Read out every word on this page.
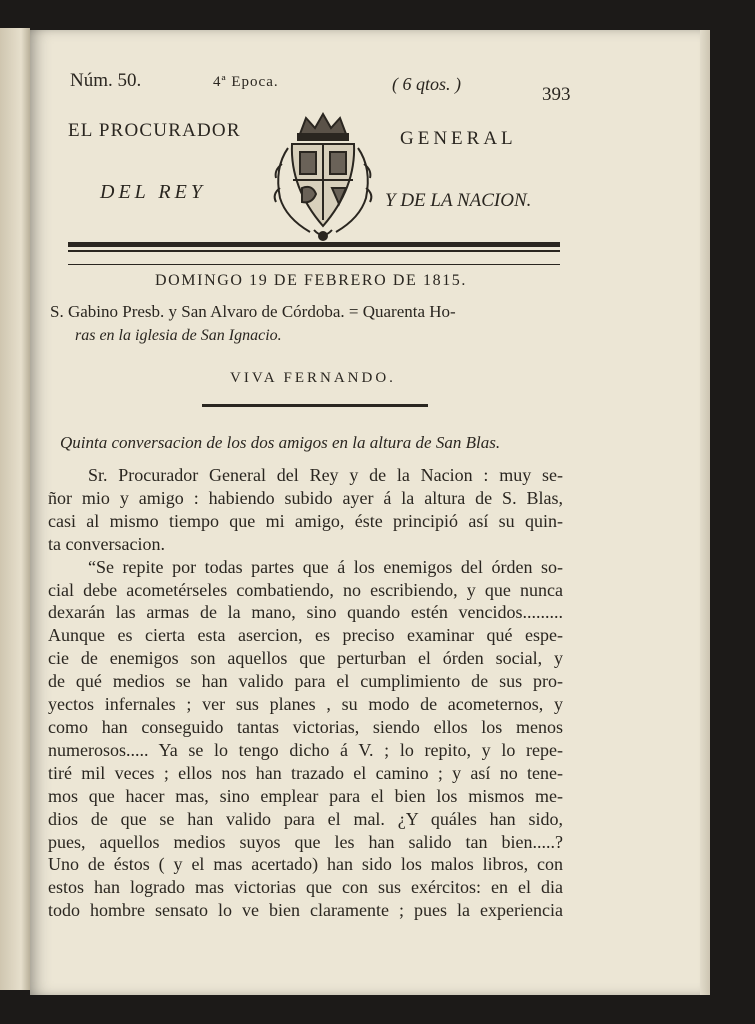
Núm. 50.	4ª Epoca.	( 6 qtos. )	393
EL PROCURADOR	GENERAL
DEL REY	Y DE LA NACION.
DOMINGO 19 DE FEBRERO DE 1815.
S. Gabino Presb. y San Alvaro de Córdoba. = Quarenta Ho-
ras en la iglesia de San Ignacio.
VIVA FERNANDO.
Quinta conversacion de los dos amigos en la altura de San Blas.
Sr. Procurador General del Rey y de la Nacion : muy se-
ñor mio y amigo : habiendo subido ayer á la altura de S. Blas,
casi al mismo tiempo que mi amigo, éste principió así su quin-
ta conversacion.
“Se repite por todas partes que á los enemigos del órden so-
cial debe acometérseles combatiendo, no escribiendo, y que nunca
dexarán las armas de la mano, sino quando estén vencidos.........
Aunque es cierta esta asercion, es preciso examinar qué espe-
cie de enemigos son aquellos que perturban el órden social, y
de qué medios se han valido para el cumplimiento de sus pro-
yectos infernales ; ver sus planes , su modo de acometernos, y
como han conseguido tantas victorias, siendo ellos los menos
numerosos..... Ya se lo tengo dicho á V. ; lo repito, y lo repe-
tiré mil veces ; ellos nos han trazado el camino ; y así no tene-
mos que hacer mas, sino emplear para el bien los mismos me-
dios de que se han valido para el mal. ¿Y quáles han sido,
pues, aquellos medios suyos que les han salido tan bien.....?
Uno de éstos ( y el mas acertado) han sido los malos libros, con
estos han logrado mas victorias que con sus exércitos: en el dia
todo hombre sensato lo ve bien claramente ; pues la experiencia
